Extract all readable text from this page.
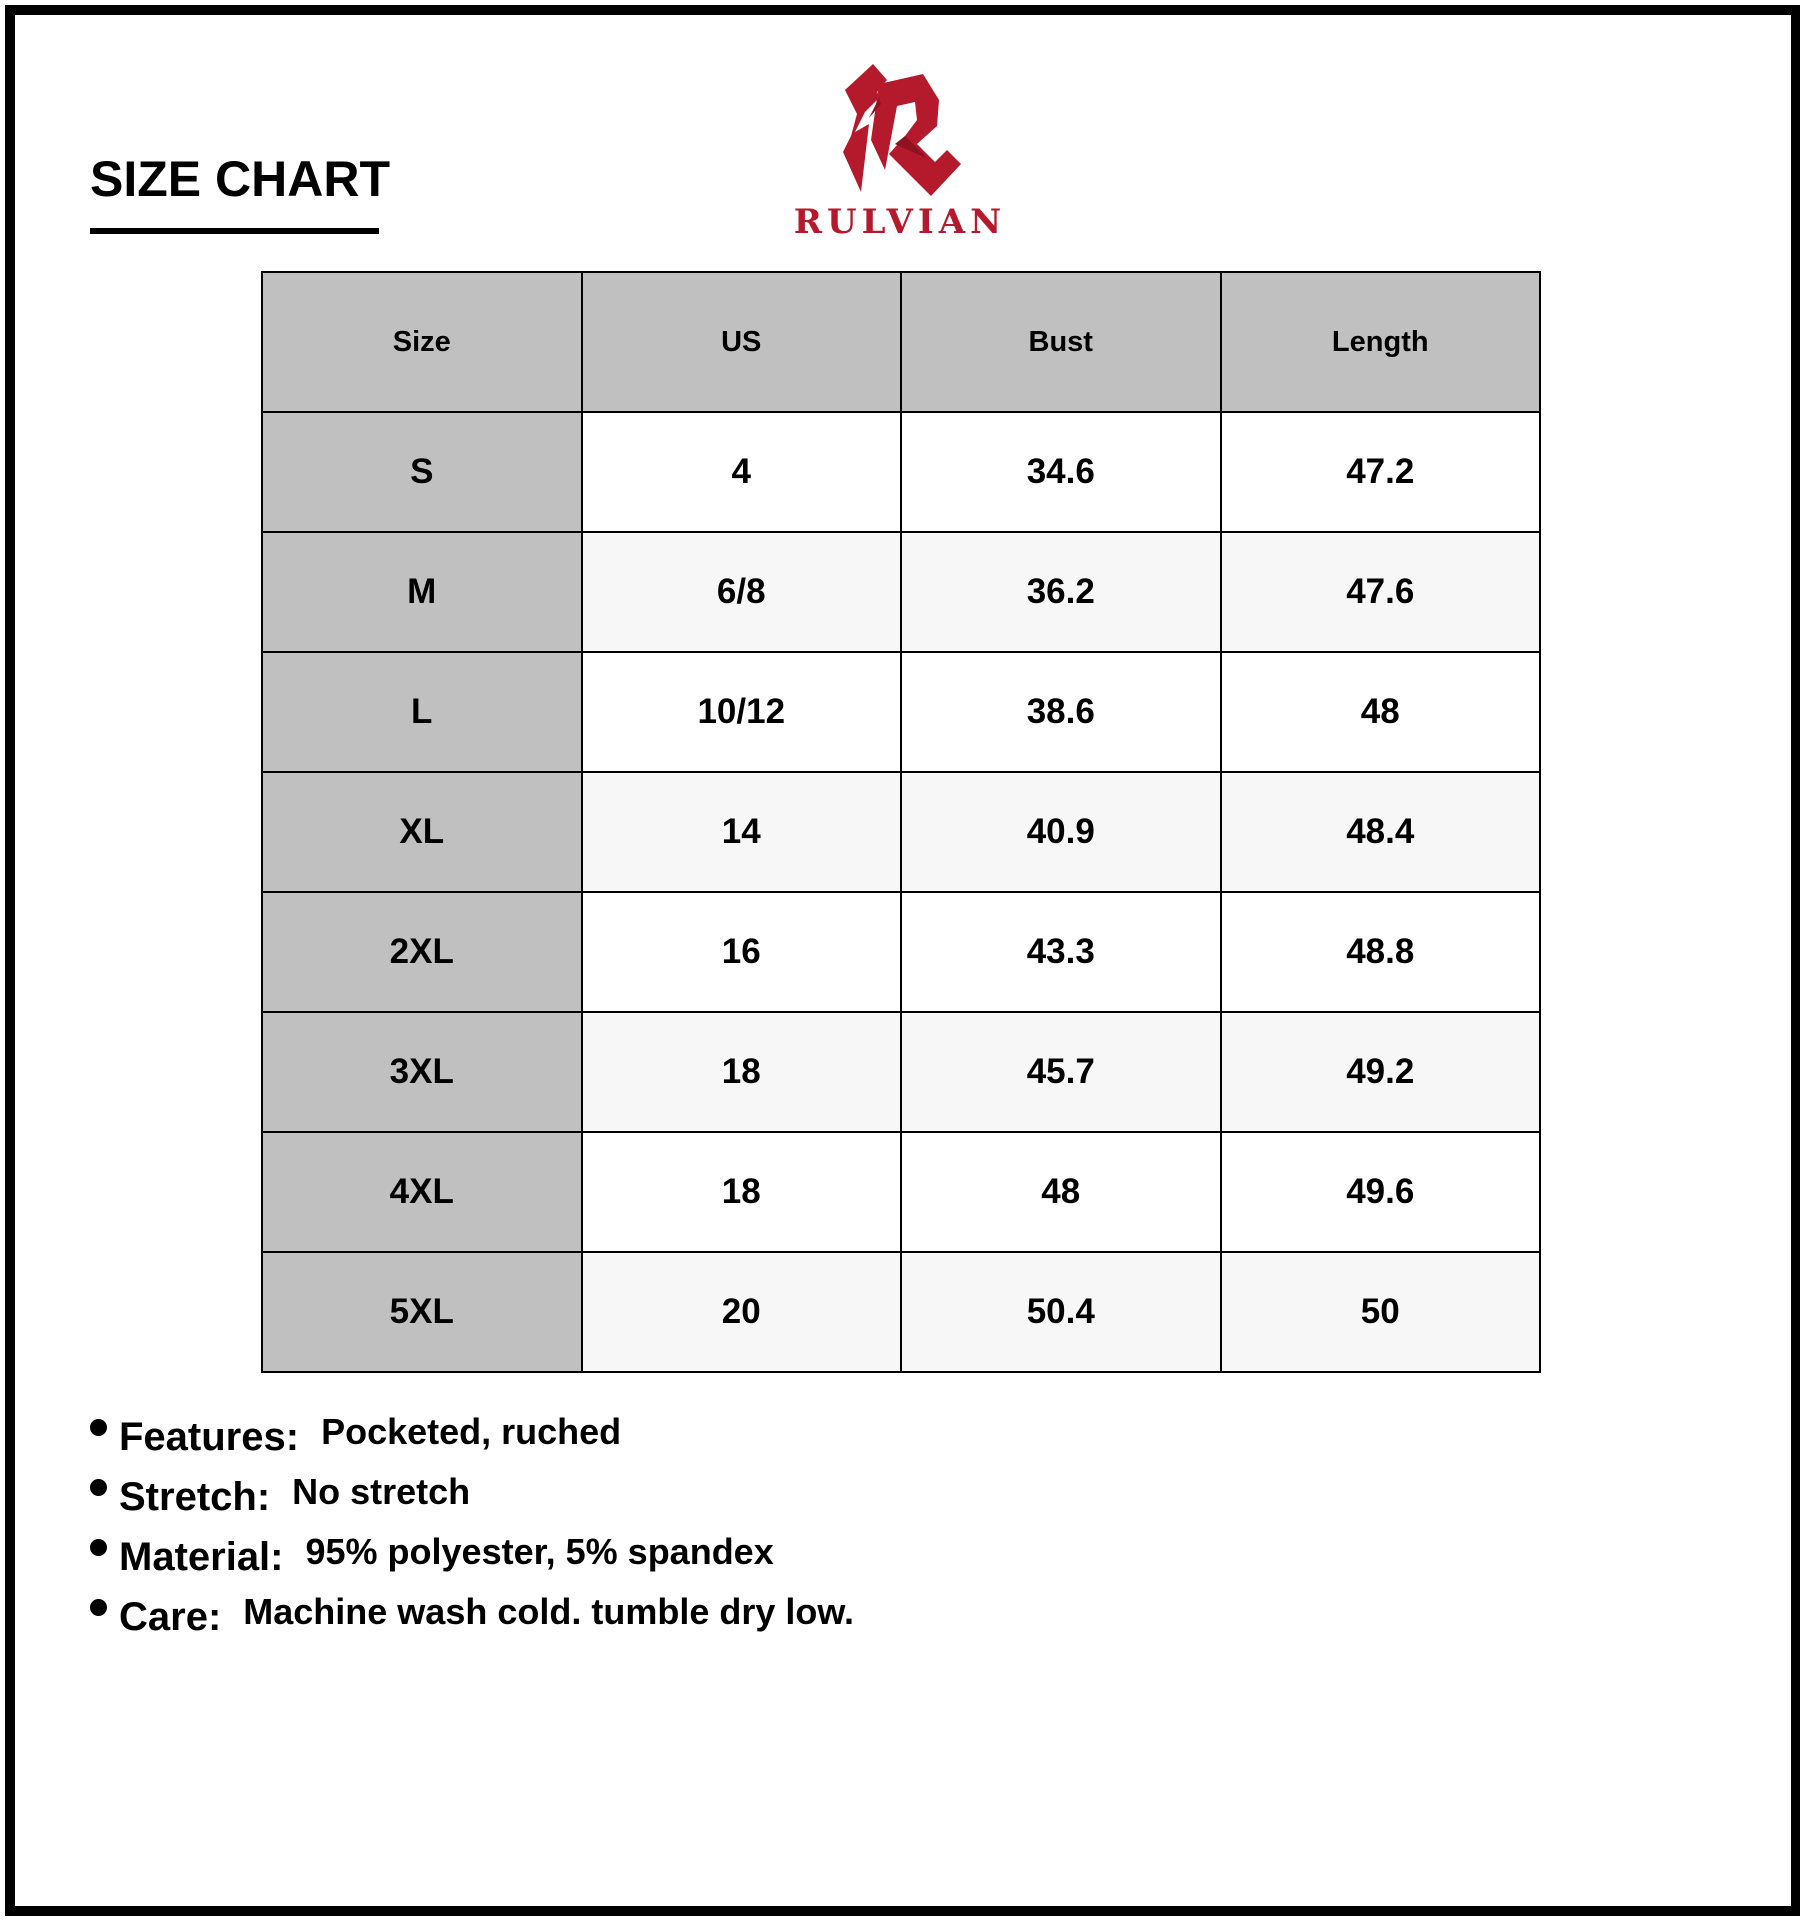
SIZE CHART
RULVIAN
Size	US	Bust	Length
S	4	34.6	47.2
M	6/8	36.2	47.6
L	10/12	38.6	48
XL	14	40.9	48.4
2XL	16	43.3	48.8
3XL	18	45.7	49.2
4XL	18	48	49.6
5XL	20	50.4	50
Features: Pocketed, ruched
Stretch: No stretch
Material: 95% polyester, 5% spandex
Care: Machine wash cold. tumble dry low.
